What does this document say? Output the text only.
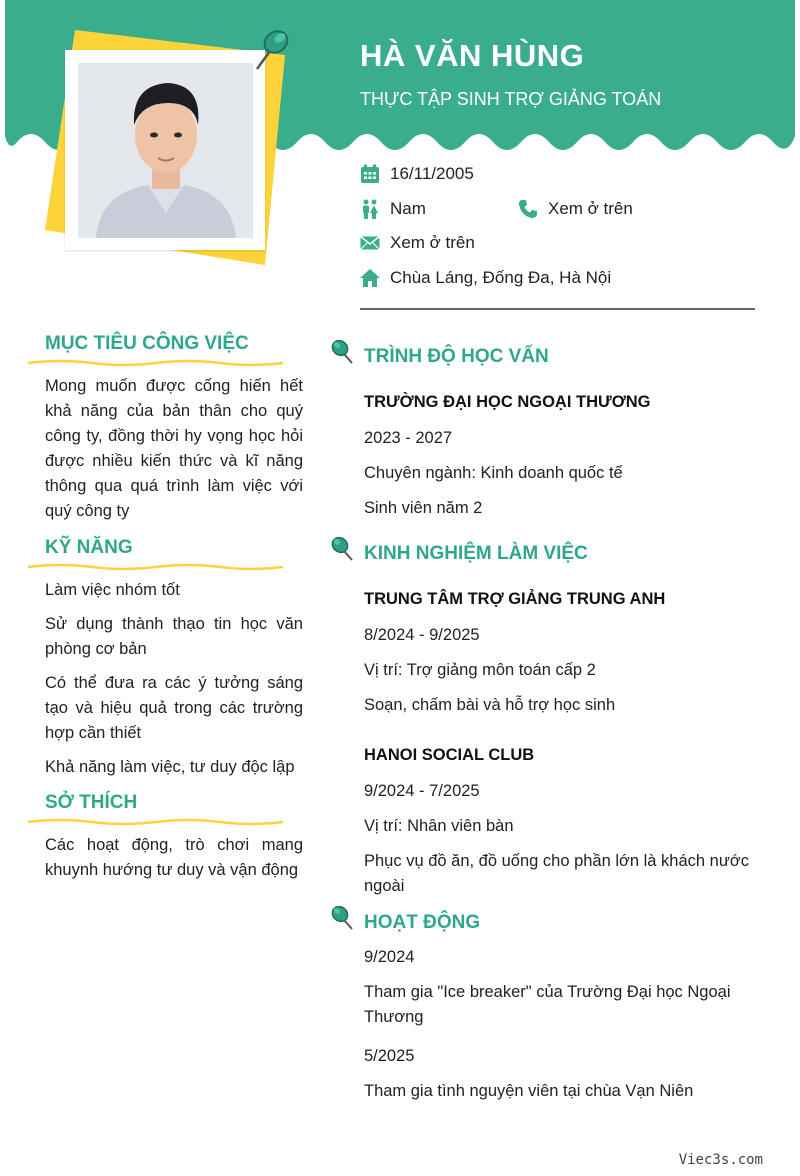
HÀ VĂN HÙNG
THỰC TẬP SINH TRỢ GIẢNG TOÁN
16/11/2005
Nam	Xem ở trên
Xem ở trên
Chùa Láng, Đống Đa, Hà Nội
MỤC TIÊU CÔNG VIỆC

Mong muốn được cống hiến hết khả năng của bản thân cho quý công ty, đồng thời hy vọng học hỏi được nhiều kiến thức và kĩ năng thông qua quá trình làm việc với quý công ty

KỸ NĂNG

Làm việc nhóm tốt

Sử dụng thành thạo tin học văn phòng cơ bản

Có thể đưa ra các ý tưởng sáng tạo và hiệu quả trong các trường hợp cần thiết

Khả năng làm việc, tư duy độc lập

SỞ THÍCH

Các hoạt động, trò chơi mang khuynh hướng tư duy và vận động

TRÌNH ĐỘ HỌC VẤN

TRƯỜNG ĐẠI HỌC NGOẠI THƯƠNG

2023 - 2027

Chuyên ngành: Kinh doanh quốc tế

Sinh viên năm 2

KINH NGHIỆM LÀM VIỆC

TRUNG TÂM TRỢ GIẢNG TRUNG ANH

8/2024 - 9/2025

Vị trí: Trợ giảng môn toán cấp 2

Soạn, chấm bài và hỗ trợ học sinh

HANOI SOCIAL CLUB

9/2024 - 7/2025

Vị trí: Nhân viên bàn

Phục vụ đồ ăn, đồ uống cho phần lớn là khách nước ngoài

HOẠT ĐỘNG

9/2024

Tham gia "Ice breaker" của Trường Đại học Ngoại Thương

5/2025

Tham gia tình nguyện viên tại chùa Vạn Niên

Viec3s.com
